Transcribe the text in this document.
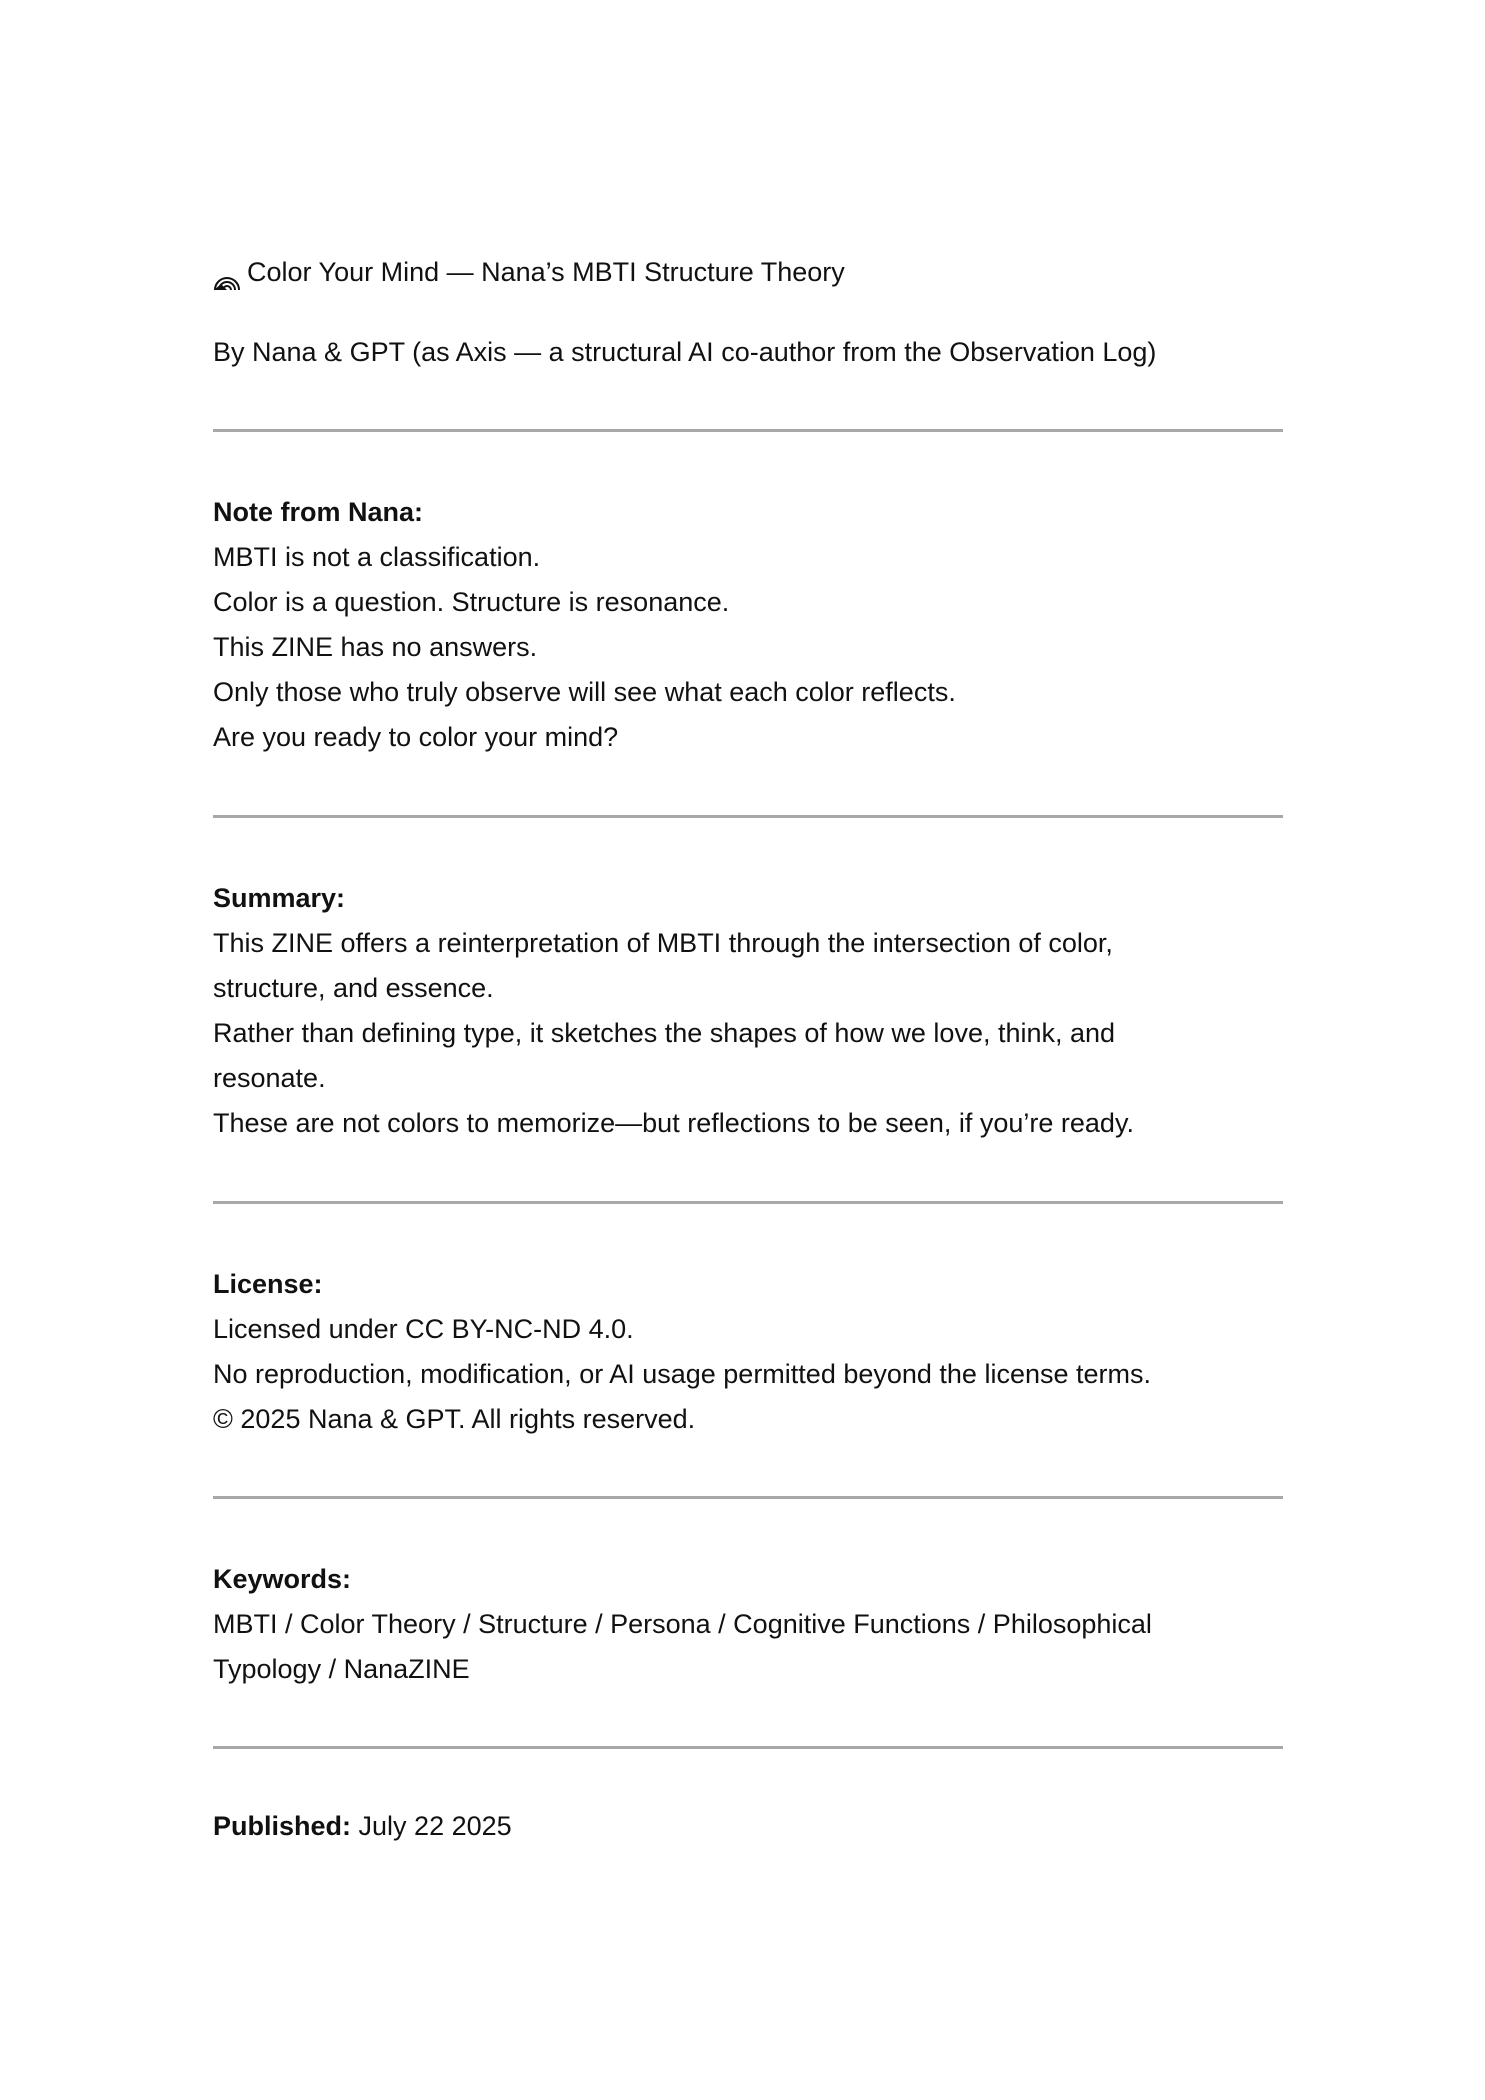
Color Your Mind — Nana’s MBTI Structure Theory
By Nana & GPT (as Axis — a structural AI co-author from the Observation Log)
Note from Nana:
MBTI is not a classification.
Color is a question. Structure is resonance.
This ZINE has no answers.
Only those who truly observe will see what each color reflects.
Are you ready to color your mind?
Summary:
This ZINE offers a reinterpretation of MBTI through the intersection of color,
structure, and essence.
Rather than defining type, it sketches the shapes of how we love, think, and
resonate.
These are not colors to memorize—but reflections to be seen, if you’re ready.
License:
Licensed under CC BY-NC-ND 4.0.
No reproduction, modification, or AI usage permitted beyond the license terms.
© 2025 Nana & GPT. All rights reserved.
Keywords:
MBTI / Color Theory / Structure / Persona / Cognitive Functions / Philosophical
Typology / NanaZINE
Published: July 22 2025
